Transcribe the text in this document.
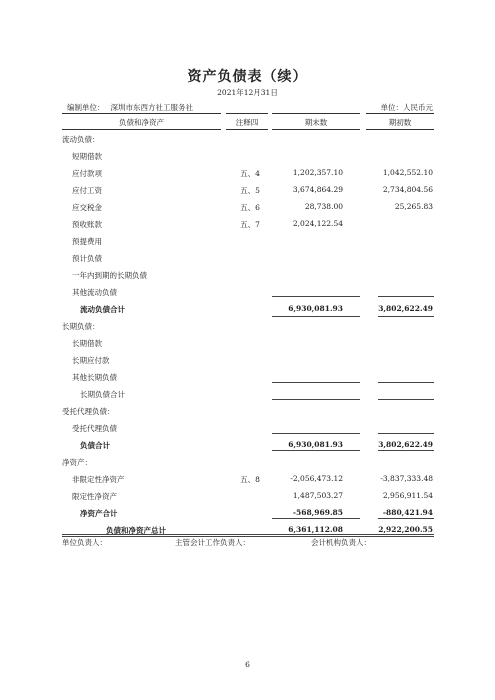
资产负债表（续）
2021年12月31日
编制单位： 深圳市东西方社工服务社	单位：人民币元
负债和净资产	注释四	期末数	期初数
流动负债：
短期借款
应付款项	五、4	1,202,357.10	1,042,552.10
应付工资	五、5	3,674,864.29	2,734,804.56
应交税金	五、6	28,738.00	25,265.83
预收账款	五、7	2,024,122.54
预提费用
预计负债
一年内到期的长期负债
其他流动负债
流动负债合计	6,930,081.93	3,802,622.49
长期负债：
长期借款
长期应付款
其他长期负债
长期负债合计
受托代理负债：
受托代理负债
负债合计	6,930,081.93	3,802,622.49
净资产：
非限定性净资产	五、8	-2,056,473.12	-3,837,333.48
限定性净资产	1,487,503.27	2,956,911.54
净资产合计	-568,969.85	-880,421.94
负债和净资产总计	6,361,112.08	2,922,200.55
单位负责人：	主管会计工作负责人：	会计机构负责人：
6
